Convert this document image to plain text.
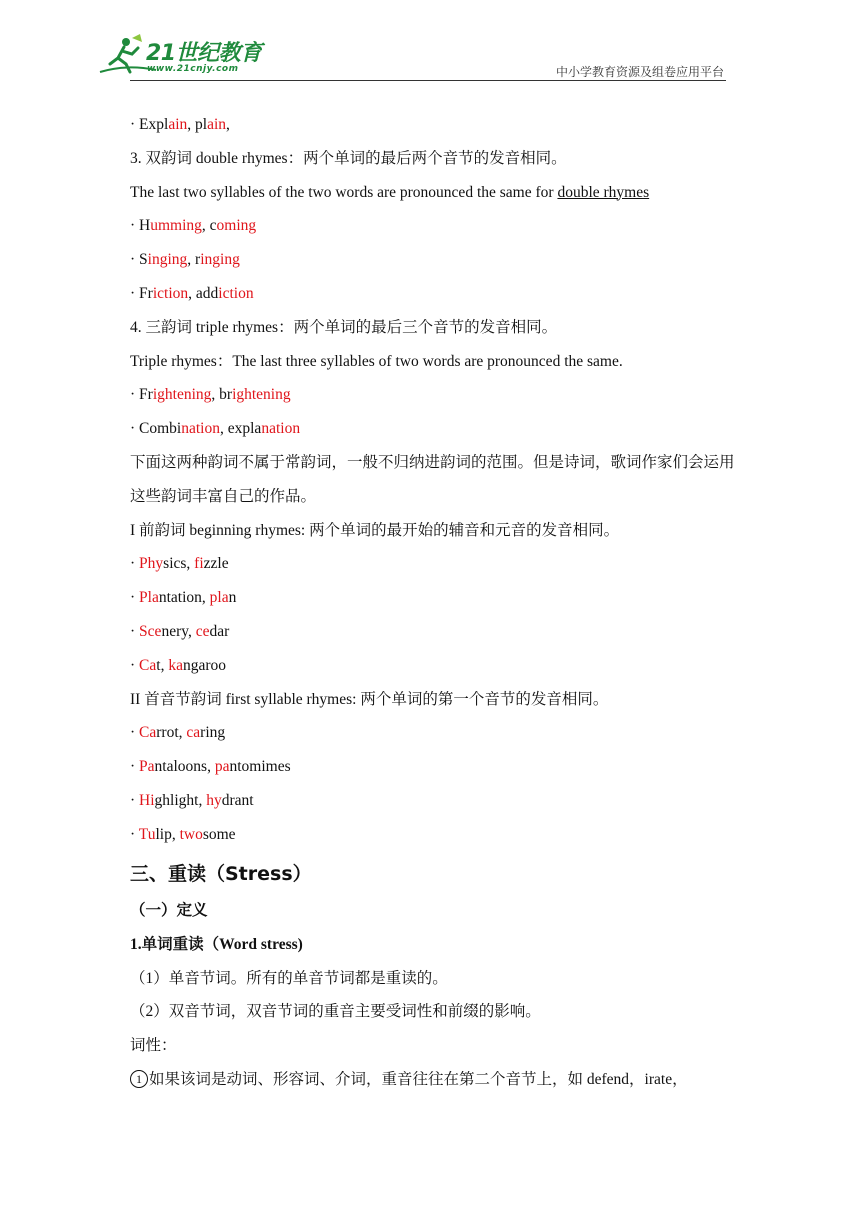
21世纪教育
www.21cnjy.com	中小学教育资源及组卷应用平台
· Explain, plain,
3. 双韵词 double rhymes：两个单词的最后两个音节的发音相同。
The last two syllables of the two words are pronounced the same for double rhymes
· Humming, coming
· Singing, ringing
· Friction, addiction
4. 三韵词 triple rhymes：两个单词的最后三个音节的发音相同。
Triple rhymes：The last three syllables of two words are pronounced the same.
· Frightening, brightening
· Combination, explanation
下面这两种韵词不属于常韵词，一般不归纳进韵词的范围。但是诗词，歌词作家们会运用这些韵词丰富自己的作品。
I 前韵词 beginning rhymes: 两个单词的最开始的辅音和元音的发音相同。
· Physics, fizzle
· Plantation, plan
· Scenery, cedar
· Cat, kangaroo
II 首音节韵词 first syllable rhymes: 两个单词的第一个音节的发音相同。
· Carrot, caring
· Pantaloons, pantomimes
· Highlight, hydrant
· Tulip, twosome
三、重读（Stress）
（一）定义
1.单词重读（Word stress)
（1）单音节词。所有的单音节词都是重读的。
（2）双音节词，双音节词的重音主要受词性和前缀的影响。
词性：
1 如果该词是动词、形容词、介词，重音往往在第二个音节上，如 defend，irate，
